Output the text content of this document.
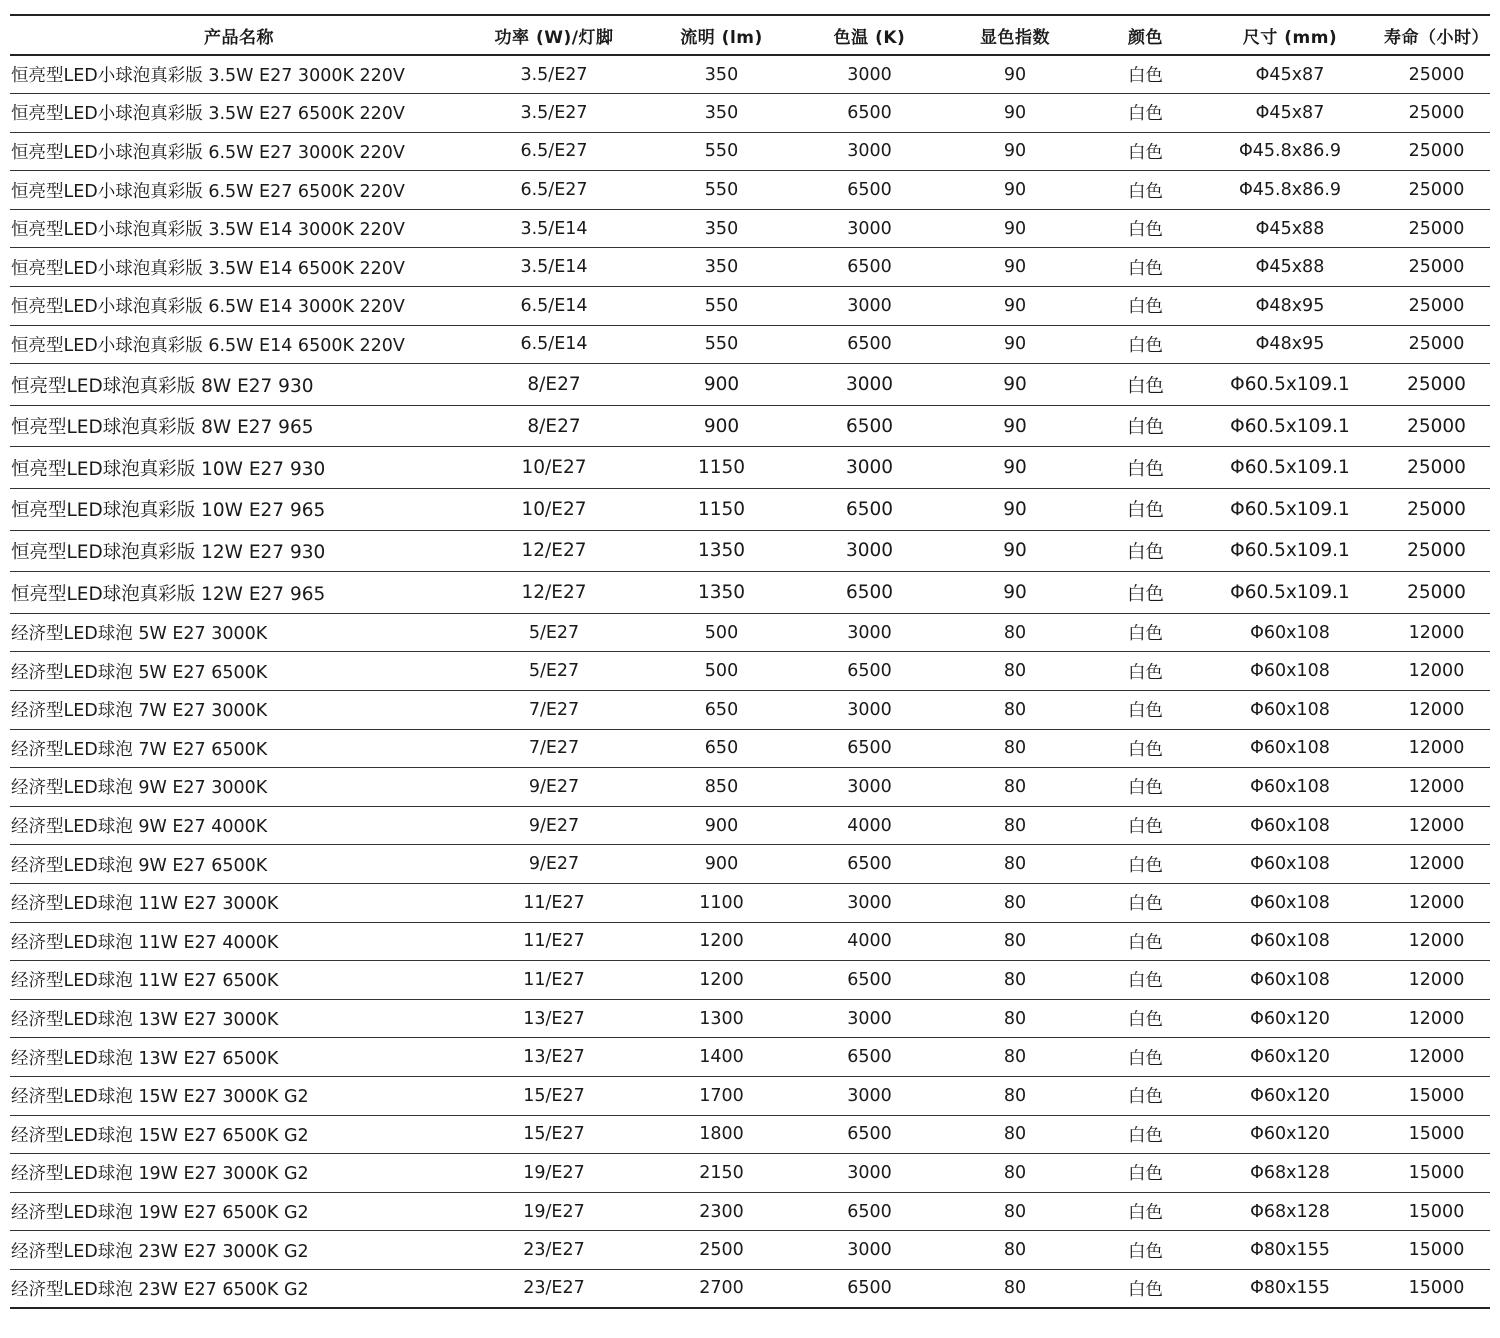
产品名称	功率 (W)/灯脚	流明 (lm)	色温 (K)	显色指数	颜色	尺寸 (mm)	寿命（小时）
恒亮型LED小球泡真彩版 3.5W E27 3000K 220V	3.5/E27	350	3000	90	白色	Φ45x87	25000
恒亮型LED小球泡真彩版 3.5W E27 6500K 220V	3.5/E27	350	6500	90	白色	Φ45x87	25000
恒亮型LED小球泡真彩版 6.5W E27 3000K 220V	6.5/E27	550	3000	90	白色	Φ45.8x86.9	25000
恒亮型LED小球泡真彩版 6.5W E27 6500K 220V	6.5/E27	550	6500	90	白色	Φ45.8x86.9	25000
恒亮型LED小球泡真彩版 3.5W E14 3000K 220V	3.5/E14	350	3000	90	白色	Φ45x88	25000
恒亮型LED小球泡真彩版 3.5W E14 6500K 220V	3.5/E14	350	6500	90	白色	Φ45x88	25000
恒亮型LED小球泡真彩版 6.5W E14 3000K 220V	6.5/E14	550	3000	90	白色	Φ48x95	25000
恒亮型LED小球泡真彩版 6.5W E14 6500K 220V	6.5/E14	550	6500	90	白色	Φ48x95	25000
恒亮型LED球泡真彩版 8W E27 930	8/E27	900	3000	90	白色	Φ60.5x109.1	25000
恒亮型LED球泡真彩版 8W E27 965	8/E27	900	6500	90	白色	Φ60.5x109.1	25000
恒亮型LED球泡真彩版 10W E27 930	10/E27	1150	3000	90	白色	Φ60.5x109.1	25000
恒亮型LED球泡真彩版 10W E27 965	10/E27	1150	6500	90	白色	Φ60.5x109.1	25000
恒亮型LED球泡真彩版 12W E27 930	12/E27	1350	3000	90	白色	Φ60.5x109.1	25000
恒亮型LED球泡真彩版 12W E27 965	12/E27	1350	6500	90	白色	Φ60.5x109.1	25000
经济型LED球泡 5W E27 3000K	5/E27	500	3000	80	白色	Φ60x108	12000
经济型LED球泡 5W E27 6500K	5/E27	500	6500	80	白色	Φ60x108	12000
经济型LED球泡 7W E27 3000K	7/E27	650	3000	80	白色	Φ60x108	12000
经济型LED球泡 7W E27 6500K	7/E27	650	6500	80	白色	Φ60x108	12000
经济型LED球泡 9W E27 3000K	9/E27	850	3000	80	白色	Φ60x108	12000
经济型LED球泡 9W E27 4000K	9/E27	900	4000	80	白色	Φ60x108	12000
经济型LED球泡 9W E27 6500K	9/E27	900	6500	80	白色	Φ60x108	12000
经济型LED球泡 11W E27 3000K	11/E27	1100	3000	80	白色	Φ60x108	12000
经济型LED球泡 11W E27 4000K	11/E27	1200	4000	80	白色	Φ60x108	12000
经济型LED球泡 11W E27 6500K	11/E27	1200	6500	80	白色	Φ60x108	12000
经济型LED球泡 13W E27 3000K	13/E27	1300	3000	80	白色	Φ60x120	12000
经济型LED球泡 13W E27 6500K	13/E27	1400	6500	80	白色	Φ60x120	12000
经济型LED球泡 15W E27 3000K G2	15/E27	1700	3000	80	白色	Φ60x120	15000
经济型LED球泡 15W E27 6500K G2	15/E27	1800	6500	80	白色	Φ60x120	15000
经济型LED球泡 19W E27 3000K G2	19/E27	2150	3000	80	白色	Φ68x128	15000
经济型LED球泡 19W E27 6500K G2	19/E27	2300	6500	80	白色	Φ68x128	15000
经济型LED球泡 23W E27 3000K G2	23/E27	2500	3000	80	白色	Φ80x155	15000
经济型LED球泡 23W E27 6500K G2	23/E27	2700	6500	80	白色	Φ80x155	15000
